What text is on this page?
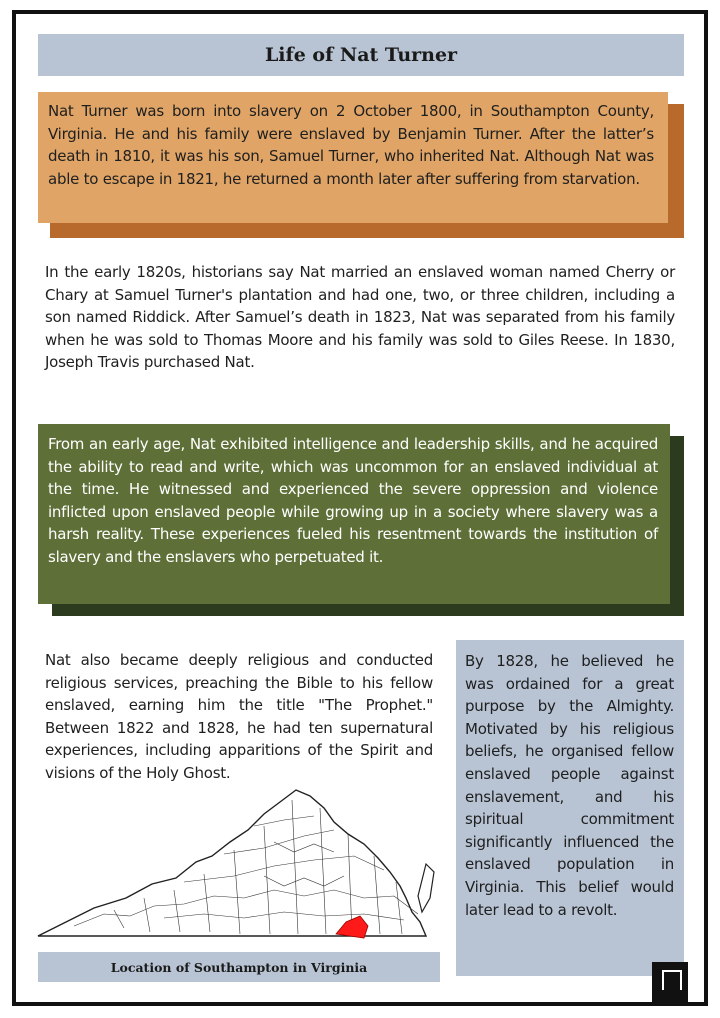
Life of Nat Turner

Nat Turner was born into slavery on 2 October 1800, in Southampton County, Virginia. He and his family were enslaved by Benjamin Turner. After the latter’s death in 1810, it was his son, Samuel Turner, who inherited Nat. Although Nat was able to escape in 1821, he returned a month later after suffering from starvation.

In the early 1820s, historians say Nat married an enslaved woman named Cherry or Chary at Samuel Turner's plantation and had one, two, or three children, including a son named Riddick. After Samuel’s death in 1823, Nat was separated from his family when he was sold to Thomas Moore and his family was sold to Giles Reese. In 1830, Joseph Travis purchased Nat.

From an early age, Nat exhibited intelligence and leadership skills, and he acquired the ability to read and write, which was uncommon for an enslaved individual at the time. He witnessed and experienced the severe oppression and violence inflicted upon enslaved people while growing up in a society where slavery was a harsh reality. These experiences fueled his resentment towards the institution of slavery and the enslavers who perpetuated it.

Nat also became deeply religious and conducted religious services, preaching the Bible to his fellow enslaved, earning him the title "The Prophet." Between 1822 and 1828, he had ten supernatural experiences, including apparitions of the Spirit and visions of the Holy Ghost.

By 1828, he believed he was ordained for a great purpose by the Almighty. Motivated by his religious beliefs, he organised fellow enslaved people against enslavement, and his spiritual commitment significantly influenced the enslaved population in Virginia. This belief would later lead to a revolt.

Location of Southampton in Virginia
